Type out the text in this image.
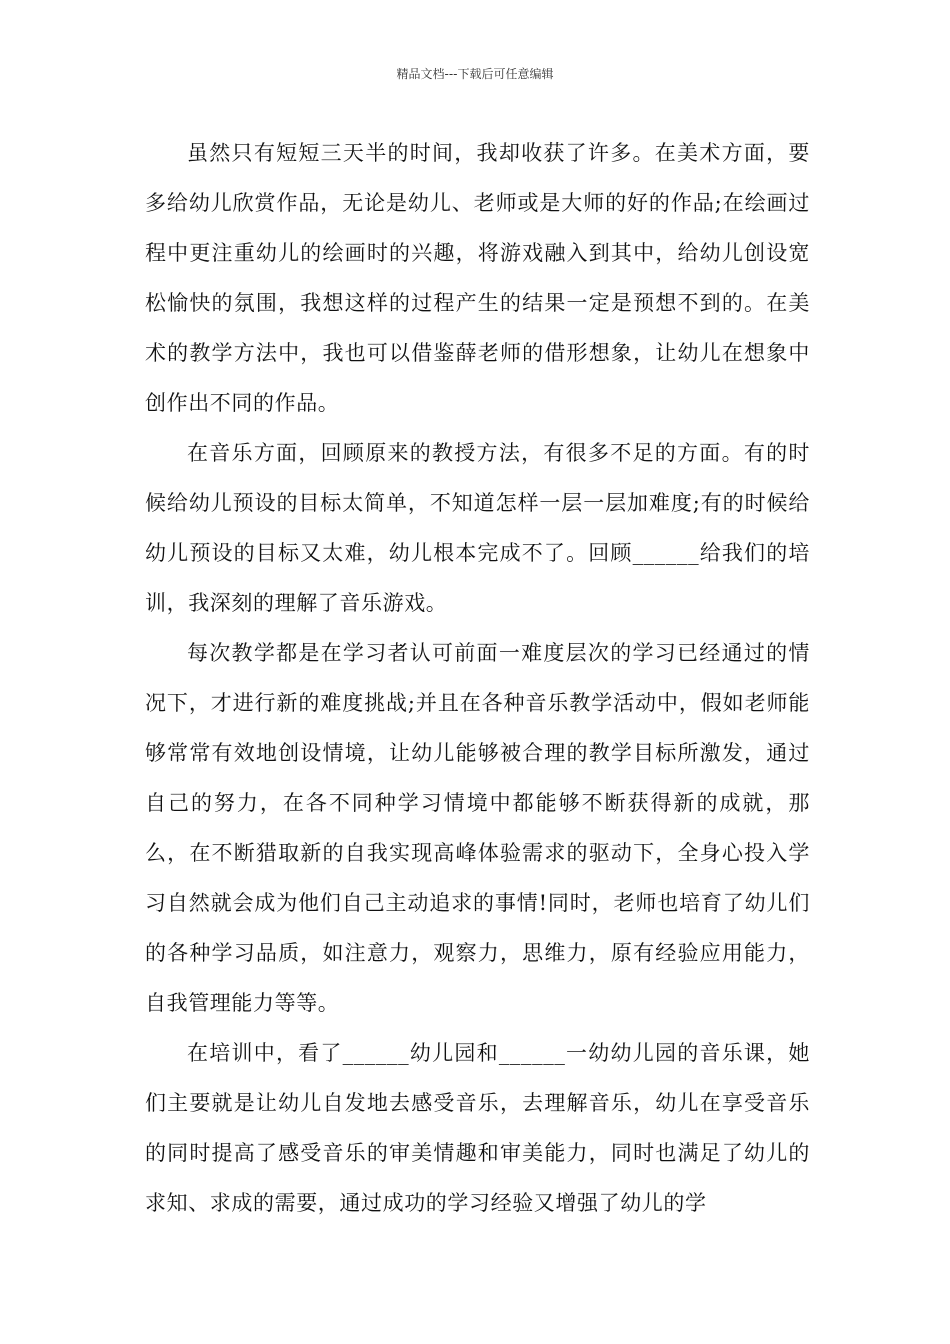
精品文档---下载后可任意编辑

虽然只有短短三天半的时间，我却收获了许多。在美术方面，要多给幼儿欣赏作品，无论是幼儿、老师或是大师的好的作品;在绘画过程中更注重幼儿的绘画时的兴趣，将游戏融入到其中，给幼儿创设宽松愉快的氛围，我想这样的过程产生的结果一定是预想不到的。在美术的教学方法中，我也可以借鉴薛老师的借形想象，让幼儿在想象中创作出不同的作品。

在音乐方面，回顾原来的教授方法，有很多不足的方面。有的时候给幼儿预设的目标太简单，不知道怎样一层一层加难度;有的时候给幼儿预设的目标又太难，幼儿根本完成不了。回顾______给我们的培训，我深刻的理解了音乐游戏。

每次教学都是在学习者认可前面一难度层次的学习已经通过的情况下，才进行新的难度挑战;并且在各种音乐教学活动中，假如老师能够常常有效地创设情境，让幼儿能够被合理的教学目标所激发，通过自己的努力，在各不同种学习情境中都能够不断获得新的成就，那么，在不断猎取新的自我实现高峰体验需求的驱动下，全身心投入学习自然就会成为他们自己主动追求的事情!同时，老师也培育了幼儿们的各种学习品质，如注意力，观察力，思维力，原有经验应用能力，自我管理能力等等。

在培训中，看了______幼儿园和______一幼幼儿园的音乐课，她们主要就是让幼儿自发地去感受音乐，去理解音乐，幼儿在享受音乐的同时提高了感受音乐的审美情趣和审美能力，同时也满足了幼儿的求知、求成的需要，通过成功的学习经验又增强了幼儿的学
